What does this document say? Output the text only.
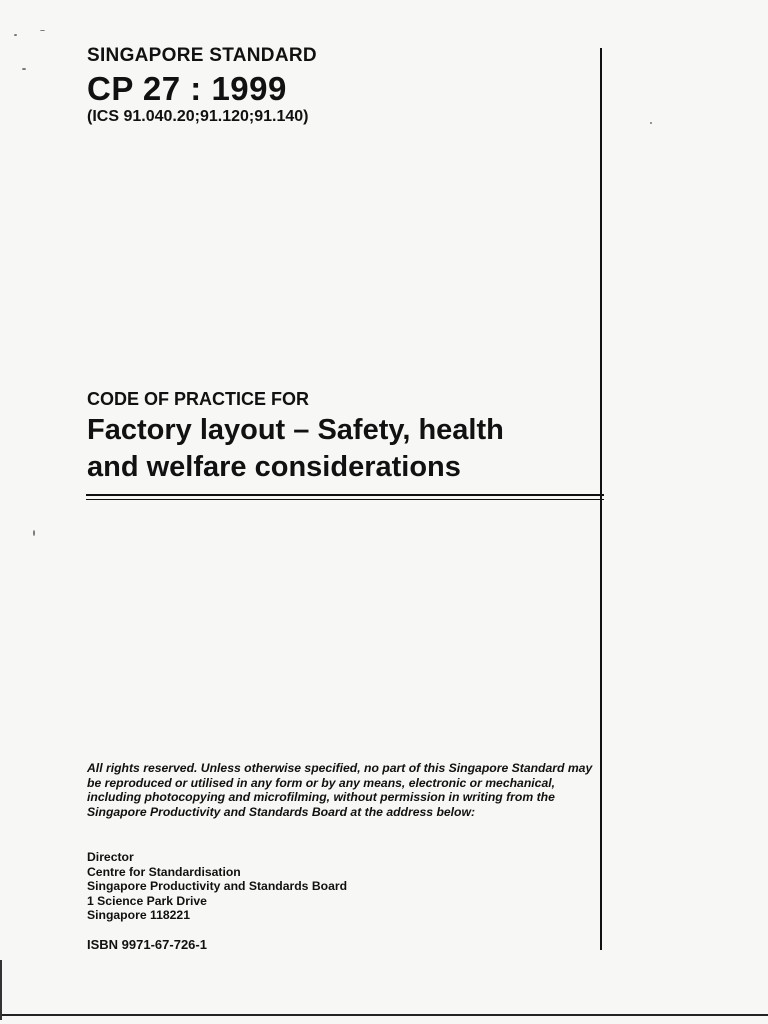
SINGAPORE STANDARD
CP 27 : 1999
(ICS 91.040.20;91.120;91.140)
CODE OF PRACTICE FOR
Factory layout – Safety, health
and welfare considerations
All rights reserved. Unless otherwise specified, no part of this Singapore Standard may be reproduced or utilised in any form or by any means, electronic or mechanical, including photocopying and microfilming, without permission in writing from the Singapore Productivity and Standards Board at the address below:
Director
Centre for Standardisation
Singapore Productivity and Standards Board
1 Science Park Drive
Singapore 118221
ISBN 9971-67-726-1
